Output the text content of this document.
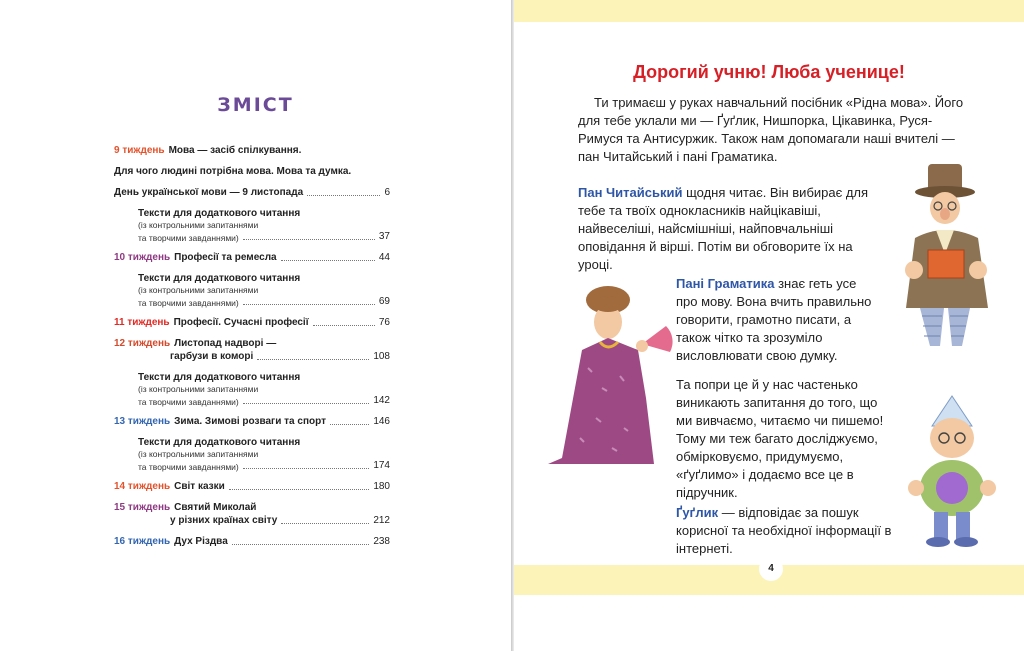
ЗМІСТ
9 тиждень Мова — засіб спілкування.
Для чого людині потрібна мова. Мова та думка.
День української мови — 9 листопада	6
Тексти для додаткового читання
(із контрольними запитаннями
та творчими завданнями)	37
10 тиждень Професії та ремесла	44
Тексти для додаткового читання
(із контрольними запитаннями
та творчими завданнями)	69
11 тиждень Професії. Сучасні професії	76
12 тиждень Листопад надворі —
гарбузи в коморі	108
Тексти для додаткового читання
(із контрольними запитаннями
та творчими завданнями)	142
13 тиждень Зима. Зимові розваги та спорт	146
Тексти для додаткового читання
(із контрольними запитаннями
та творчими завданнями)	174
14 тиждень Світ казки	180
15 тиждень Святий Миколай
у різних країнах світу	212
16 тиждень Дух Різдва	238
Дорогий учню! Люба ученице!

Ти тримаєш у руках навчальний посібник «Рідна мова». Його для тебе уклали ми — Ґуґлик, Нишпорка, Цікавинка, Руся-Римуся та Антисуржик. Також нам допомагали наші вчителі — пан Читайський і пані Граматика.

Пан Читайський щодня читає. Він вибирає для тебе та твоїх однокласників найцікавіші, найвеселіші, найсмішніші, найповчальніші оповідання й вірші. Потім ви обговорите їх на уроці.

Пані Граматика знає геть усе про мову. Вона вчить правильно говорити, грамотно писати, а також чітко та зрозуміло висловлювати свою думку.

Та попри це й у нас частенько виникають запитання до того, що ми вивчаємо, читаємо чи пишемо! Тому ми теж багато досліджуємо, обмірковуємо, придумуємо, «ґуґлимо» і додаємо все це в підручник.

Ґуґлик — відповідає за пошук корисної та необхідної інформації в інтернеті.

4
